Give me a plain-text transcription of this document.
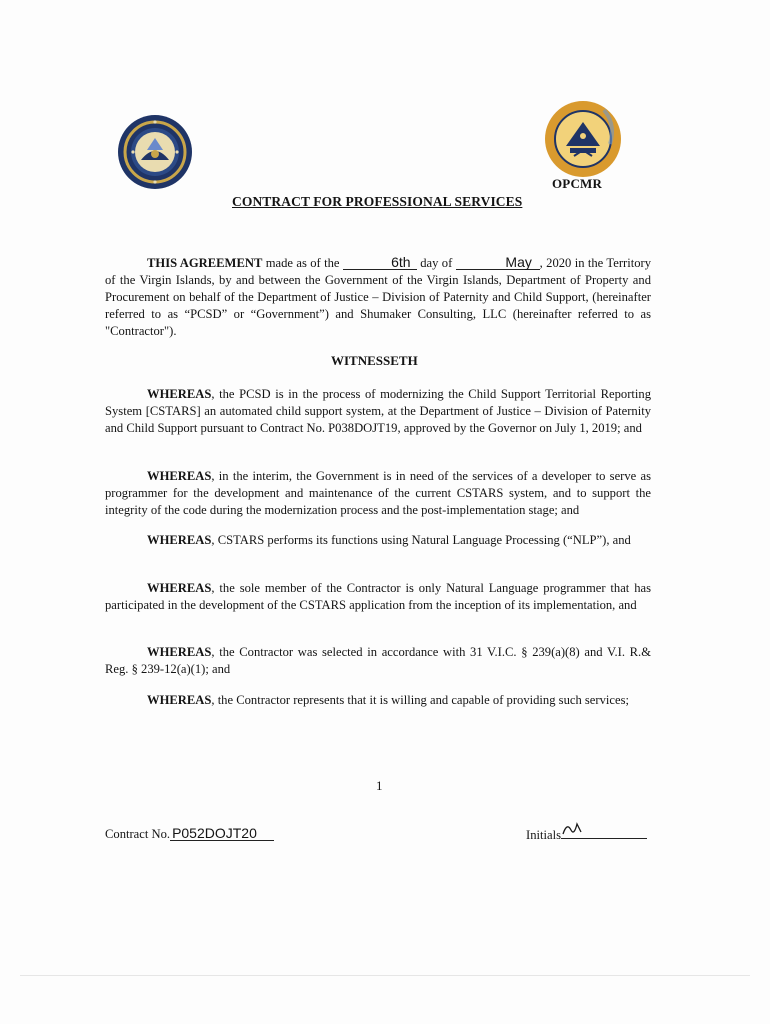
OPCMR
CONTRACT FOR PROFESSIONAL SERVICES

THIS AGREEMENT made as of the	6th day of	May , 2020 in the Territory of the Virgin Islands, by and between the Government of the Virgin Islands, Department of Property and Procurement on behalf of the Department of Justice – Division of Paternity and Child Support, (hereinafter referred to as “PCSD” or “Government”) and Shumaker Consulting, LLC (hereinafter referred to as "Contractor").

WITNESSETH

WHEREAS, the PCSD is in the process of modernizing the Child Support Territorial Reporting System [CSTARS] an automated child support system, at the Department of Justice – Division of Paternity and Child Support pursuant to Contract No. P038DOJT19, approved by the Governor on July 1, 2019; and

WHEREAS, in the interim, the Government is in need of the services of a developer to serve as programmer for the development and maintenance of the current CSTARS system, and to support the integrity of the code during the modernization process and the post-implementation stage; and

WHEREAS, CSTARS performs its functions using Natural Language Processing (“NLP”), and

WHEREAS, the sole member of the Contractor is only Natural Language programmer that has participated in the development of the CSTARS application from the inception of its implementation, and

WHEREAS, the Contractor was selected in accordance with 31 V.I.C. § 239(a)(8) and V.I. R.& Reg. § 239-12(a)(1); and

WHEREAS, the Contractor represents that it is willing and capable of providing such services;

1
Contract No. P052DOJT20	Initials
